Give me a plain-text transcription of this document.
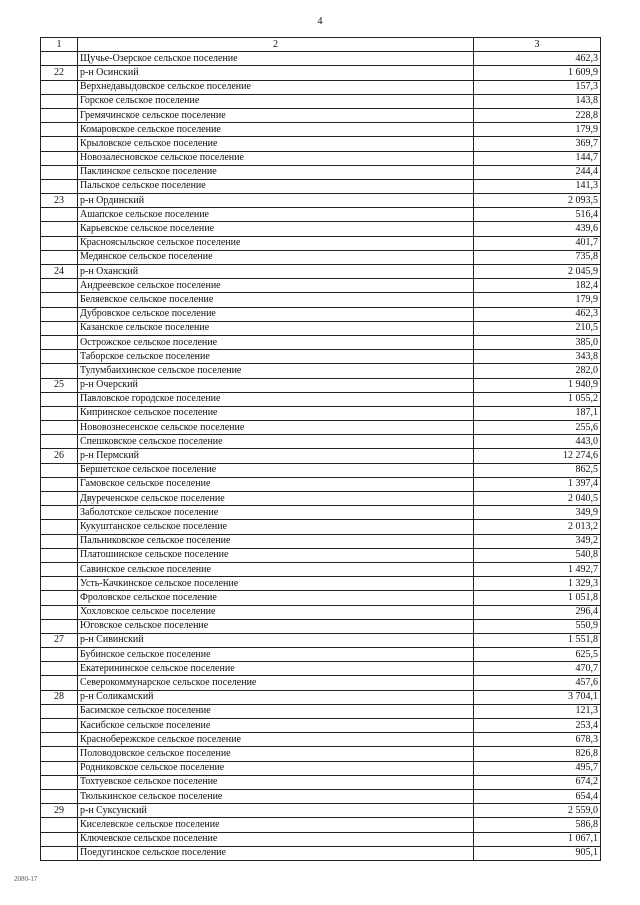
4
1	2	3
	Щучье-Озерское сельское поселение	462,3
22	р-н Осинский	1 609,9
	Верхнедавыдовское сельское поселение	157,3
	Горское сельское поселение	143,8
	Гремячинское сельское поселение	228,8
	Комаровское сельское поселение	179,9
	Крыловское сельское поселение	369,7
	Новозалесновское сельское поселение	144,7
	Паклинское сельское поселение	244,4
	Пальское сельское поселение	141,3
23	р-н Ординский	2 093,5
	Ашапское сельское поселение	516,4
	Карьевское сельское поселение	439,6
	Красноясыльское сельское поселение	401,7
	Медянское сельское поселение	735,8
24	р-н Оханский	2 045,9
	Андреевское сельское поселение	182,4
	Беляевское сельское поселение	179,9
	Дубровское сельское поселение	462,3
	Казанское сельское поселение	210,5
	Острожское сельское поселение	385,0
	Таборское сельское поселение	343,8
	Тулумбаихинское сельское поселение	282,0
25	р-н Очерский	1 940,9
	Павловское городское поселение	1 055,2
	Кипринское сельское поселение	187,1
	Нововознесенское сельское поселение	255,6
	Спешковское сельское поселение	443,0
26	р-н Пермский	12 274,6
	Бершетское сельское поселение	862,5
	Гамовское сельское поселение	1 397,4
	Двуреченское сельское поселение	2 040,5
	Заболотское сельское поселение	349,9
	Кукуштанское сельское поселение	2 013,2
	Пальниковское сельское поселение	349,2
	Платошинское сельское поселение	540,8
	Савинское сельское поселение	1 492,7
	Усть-Качкинское сельское поселение	1 329,3
	Фроловское сельское поселение	1 051,8
	Хохловское сельское поселение	296,4
	Юговское сельское поселение	550,9
27	р-н Сивинский	1 551,8
	Бубинское сельское поселение	625,5
	Екатерининское сельское поселение	470,7
	Северокоммунарское сельское поселение	457,6
28	р-н Соликамский	3 704,1
	Басимское сельское поселение	121,3
	Касибское сельское поселение	253,4
	Краснобережское сельское поселение	678,3
	Половодовское сельское поселение	826,8
	Родниковское сельское поселение	495,7
	Тохтуевское сельское поселение	674,2
	Тюлькинское сельское поселение	654,4
29	р-н Суксунский	2 559,0
	Киселевское сельское поселение	586,8
	Ключевское сельское поселение	1 067,1
	Поедугинское сельское поселение	905,1
2080-17
